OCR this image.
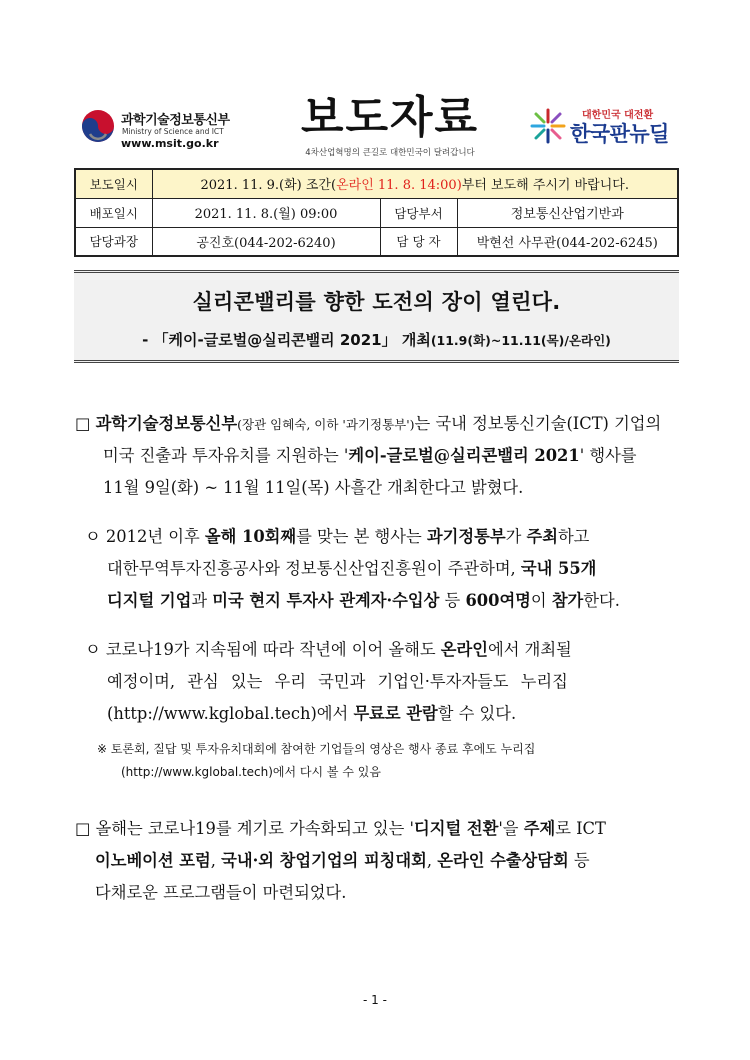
과학기술정보통신부
Ministry of Science and ICT
www.msit.go.kr
보도자료
4차산업혁명의 큰길로 대한민국이 달려갑니다
대한민국 대전환
한국판뉴딜
보도일시	2021. 11. 9.(화) 조간(온라인 11. 8. 14:00)부터 보도해 주시기 바랍니다.		
배포일시	2021. 11. 8.(월) 09:00	담당부서	정보통신산업기반과
담당과장	공진호(044-202-6240)	담 당 자	박현선 사무관(044-202-6245)
실리콘밸리를 향한 도전의 장이 열린다.
- 「케이-글로벌@실리콘밸리 2021」 개최(11.9(화)~11.11(목)/온라인)
□ 과학기술정보통신부(장관 임혜숙, 이하 '과기정통부')는 국내 정보통신기술(ICT) 기업의
미국 진출과 투자유치를 지원하는 '케이-글로벌@실리콘밸리 2021' 행사를
11월 9일(화) ~ 11월 11일(목) 사흘간 개최한다고 밝혔다.
ㅇ 2012년 이후 올해 10회째를 맞는 본 행사는 과기정통부가 주최하고
대한무역투자진흥공사와 정보통신산업진흥원이 주관하며, 국내 55개
디지털 기업과 미국 현지 투자사 관계자·수입상 등 600여명이 참가한다.
ㅇ 코로나19가 지속됨에 따라 작년에 이어 올해도 온라인에서 개최될
예정이며, 관심 있는 우리 국민과 기업인·투자자들도 누리집
(http://www.kglobal.tech)에서 무료로 관람할 수 있다.
※ 토론회, 질답 및 투자유치대회에 참여한 기업들의 영상은 행사 종료 후에도 누리집
(http://www.kglobal.tech)에서 다시 볼 수 있음
□ 올해는 코로나19를 계기로 가속화되고 있는 '디지털 전환'을 주제로 ICT
이노베이션 포럼, 국내·외 창업기업의 피칭대회, 온라인 수출상담회 등
다채로운 프로그램들이 마련되었다.
- 1 -
